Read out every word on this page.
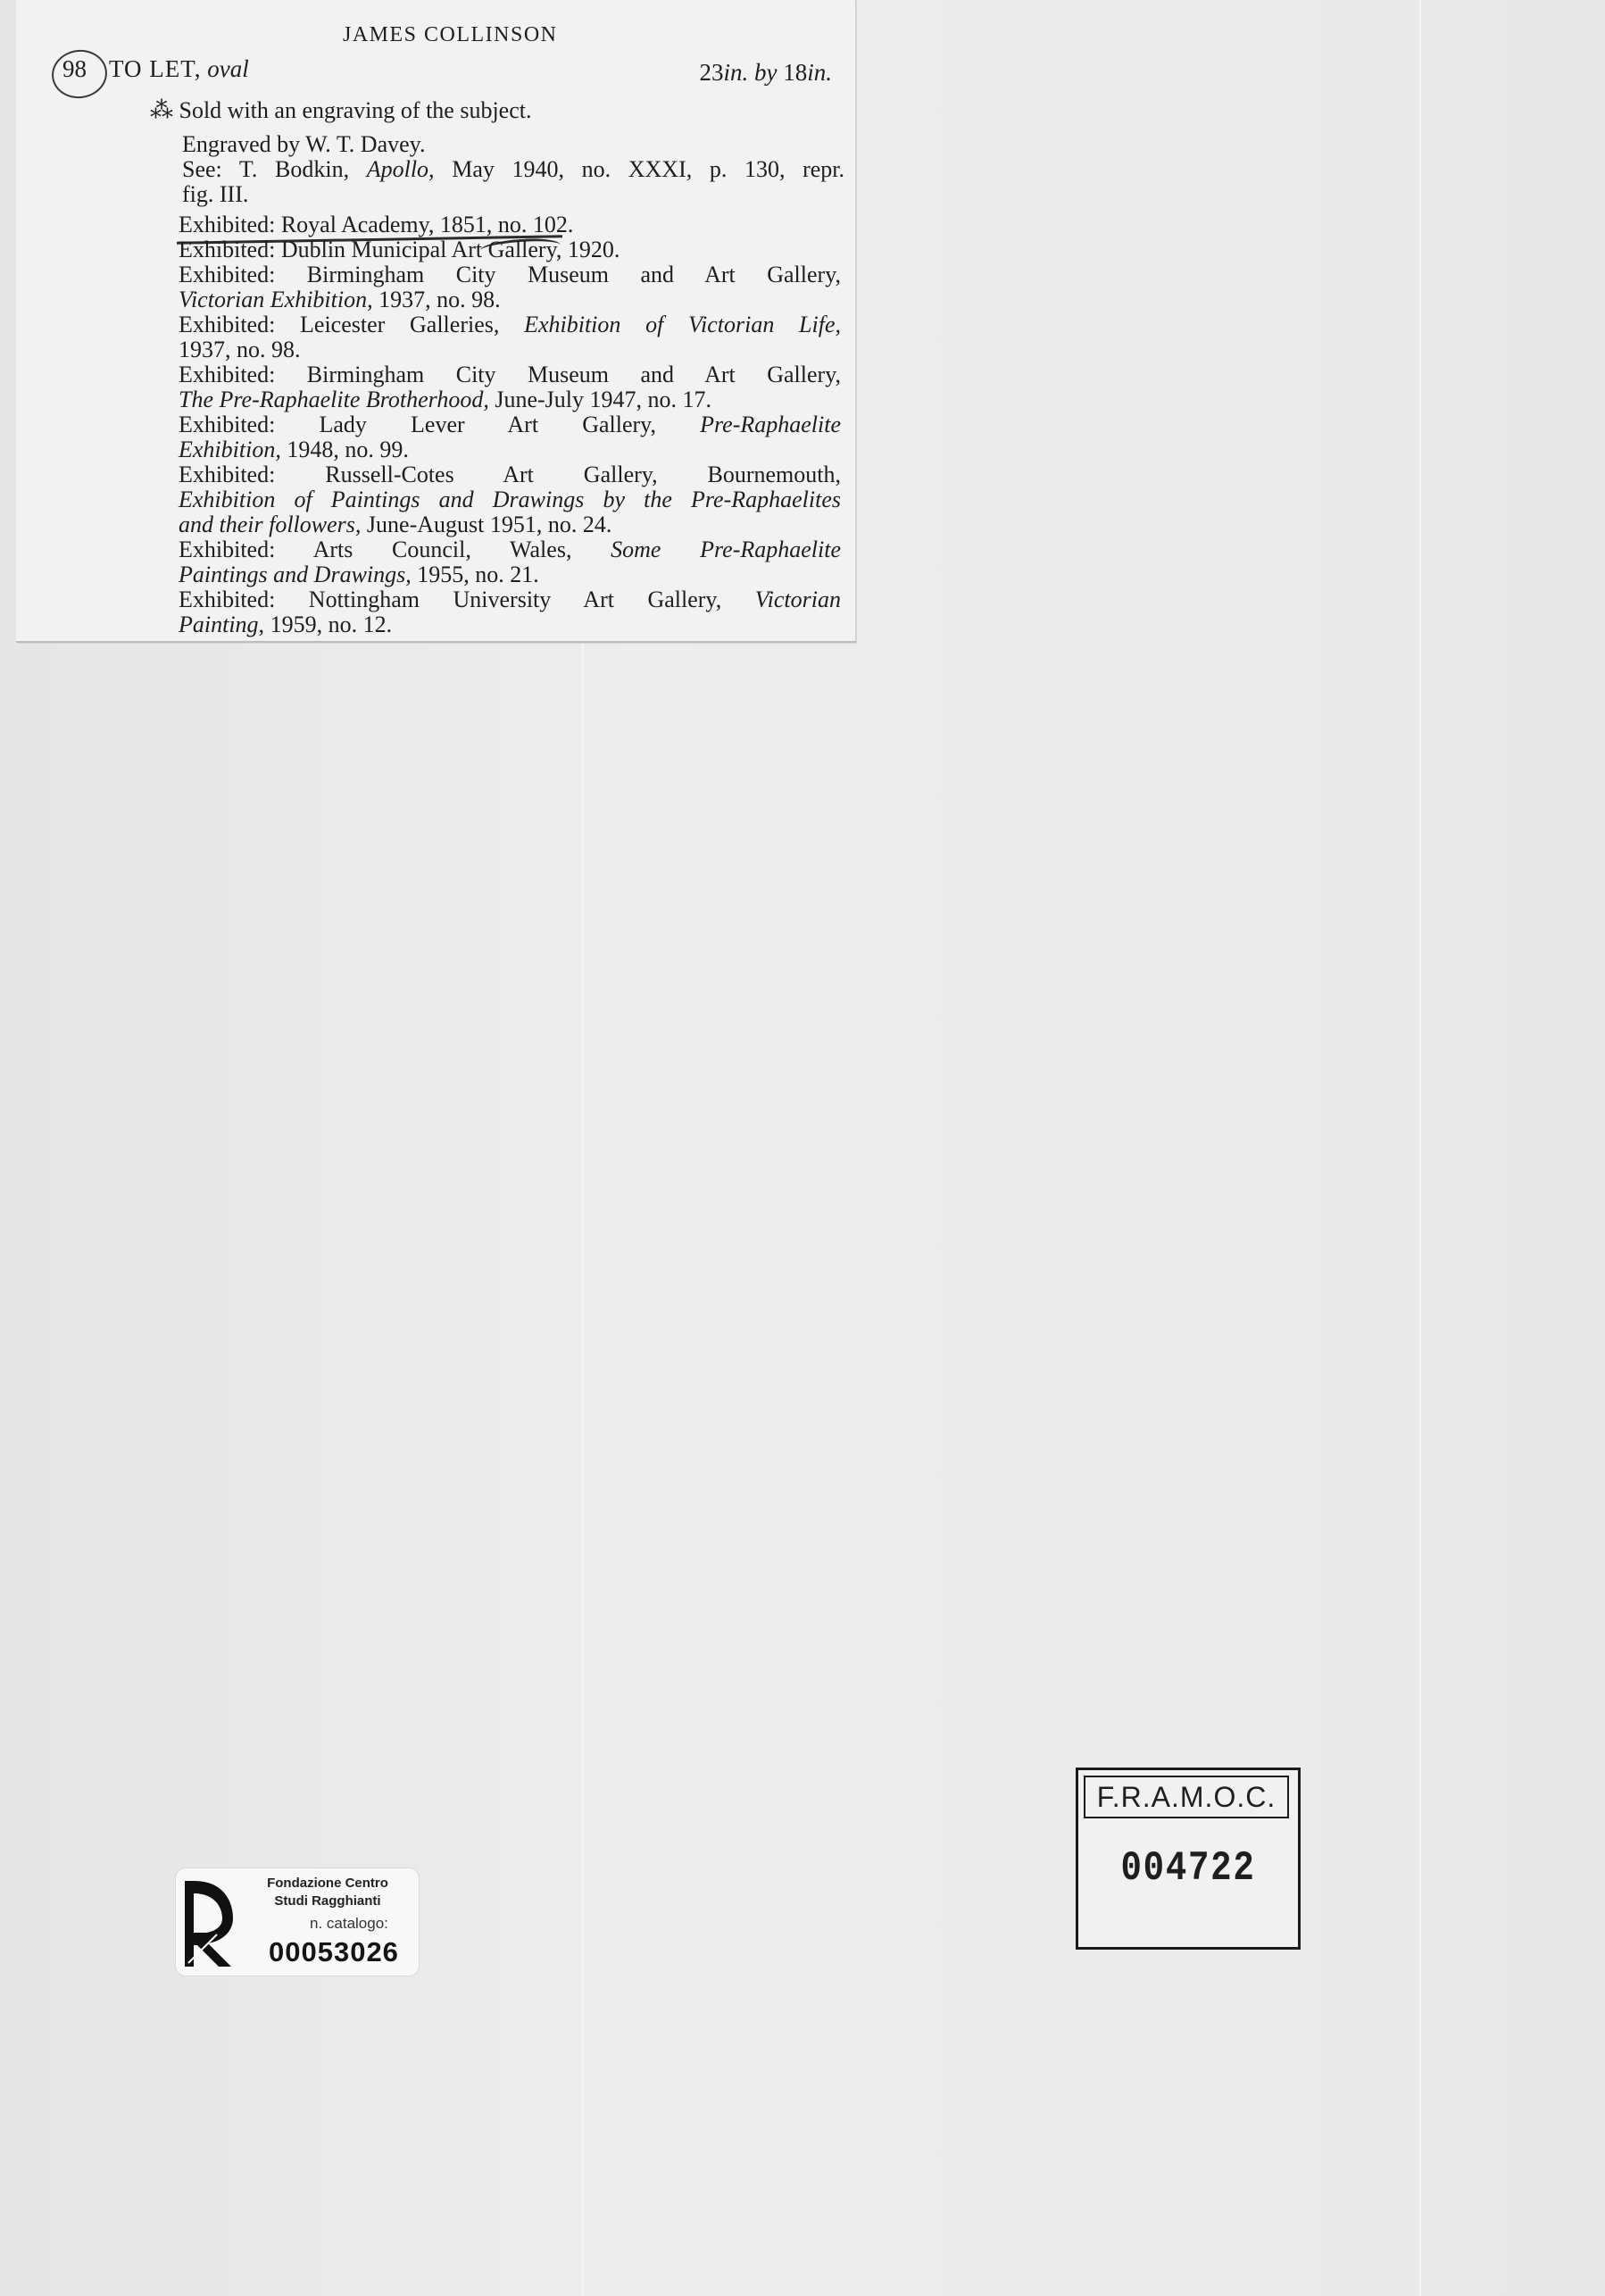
JAMES COLLINSON
98 TO LET, oval	23in. by 18in.
⁂ Sold with an engraving of the subject.
Engraved by W. T. Davey.
See: T. Bodkin, Apollo, May 1940, no. XXXI, p. 130, repr.
fig. III.
Exhibited: Royal Academy, 1851, no. 102.
Exhibited: Dublin Municipal Art Gallery, 1920.
Exhibited: Birmingham City Museum and Art Gallery,
Victorian Exhibition, 1937, no. 98.
Exhibited: Leicester Galleries, Exhibition of Victorian Life,
1937, no. 98.
Exhibited: Birmingham City Museum and Art Gallery,
The Pre-Raphaelite Brotherhood, June-July 1947, no. 17.
Exhibited: Lady Lever Art Gallery, Pre-Raphaelite
Exhibition, 1948, no. 99.
Exhibited: Russell-Cotes Art Gallery, Bournemouth,
Exhibition of Paintings and Drawings by the Pre-Raphaelites
and their followers, June-August 1951, no. 24.
Exhibited: Arts Council, Wales, Some Pre-Raphaelite
Paintings and Drawings, 1955, no. 21.
Exhibited: Nottingham University Art Gallery, Victorian
Painting, 1959, no. 12.
Fondazione Centro
Studi Ragghianti
n. catalogo:
00053026
F.R.A.M.O.C.
004722
